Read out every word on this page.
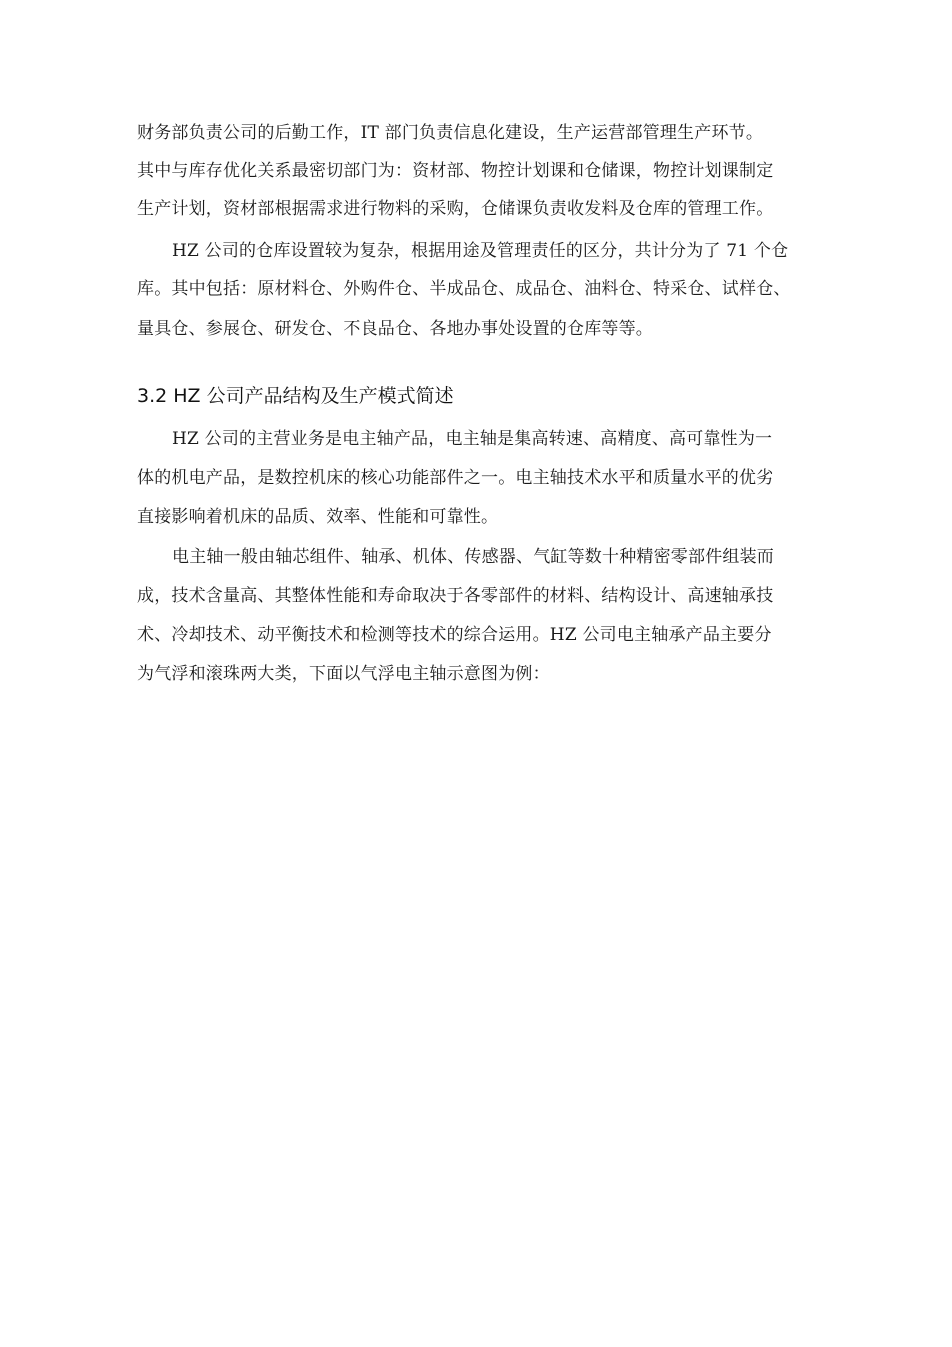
财务部负责公司的后勤工作，IT 部门负责信息化建设，生产运营部管理生产环节。
其中与库存优化关系最密切部门为：资材部、物控计划课和仓储课，物控计划课制定
生产计划，资材部根据需求进行物料的采购，仓储课负责收发料及仓库的管理工作。
HZ 公司的仓库设置较为复杂，根据用途及管理责任的区分，共计分为了 71 个仓
库。其中包括：原材料仓、外购件仓、半成品仓、成品仓、油料仓、特采仓、试样仓、
量具仓、参展仓、研发仓、不良品仓、各地办事处设置的仓库等等。
3.2 HZ 公司产品结构及生产模式简述
HZ 公司的主营业务是电主轴产品，电主轴是集高转速、高精度、高可靠性为一
体的机电产品，是数控机床的核心功能部件之一。电主轴技术水平和质量水平的优劣
直接影响着机床的品质、效率、性能和可靠性。
电主轴一般由轴芯组件、轴承、机体、传感器、气缸等数十种精密零部件组装而
成，技术含量高、其整体性能和寿命取决于各零部件的材料、结构设计、高速轴承技
术、冷却技术、动平衡技术和检测等技术的综合运用。HZ 公司电主轴承产品主要分
为气浮和滚珠两大类，下面以气浮电主轴示意图为例：
